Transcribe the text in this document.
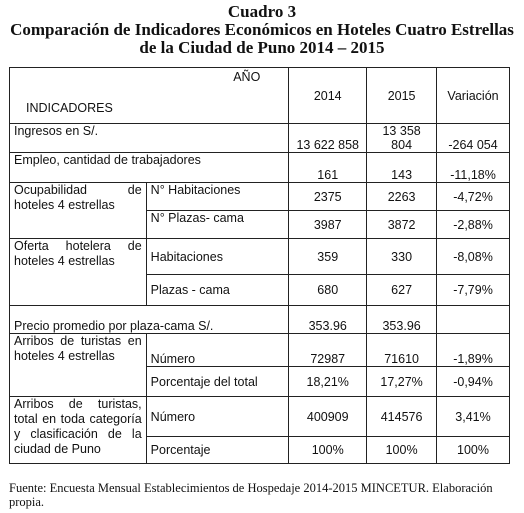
Cuadro 3
Comparación de Indicadores Económicos en Hoteles Cuatro Estrellas
de la Ciudad de Puno 2014 – 2015
AÑO
INDICADORES		2014	2015	Variación
Ingresos en S/.		13 622 858	13 358 804	-264 054
Empleo, cantidad de trabajadores		161	143	-11,18%
Ocupabilidad de hoteles 4 estrellas	N° Habitaciones	2375	2263	-4,72%
	N° Plazas- cama	3987	3872	-2,88%
Oferta hotelera de hoteles 4 estrellas	Habitaciones	359	330	-8,08%
	Plazas - cama	680	627	-7,79%
Precio promedio por plaza-cama S/.		353.96	353.96	
Arribos de turistas en hoteles 4 estrellas	Número	72987	71610	-1,89%
	Porcentaje del total	18,21%	17,27%	-0,94%
Arribos de turistas, total en toda categoría y clasificación de la ciudad de Puno	Número	400909	414576	3,41%
	Porcentaje	100%	100%	100%
Fuente: Encuesta Mensual Establecimientos de Hospedaje 2014-2015 MINCETUR. Elaboración propia.
